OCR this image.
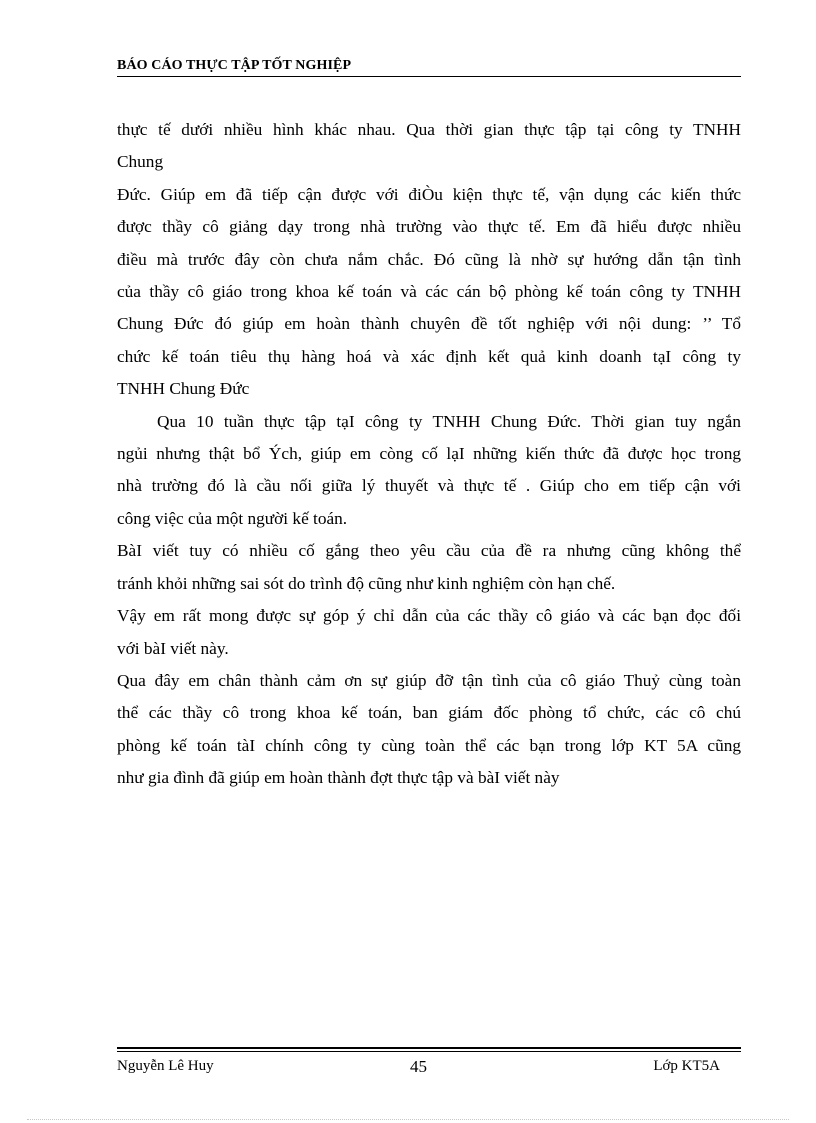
BÁO CÁO THỰC TẬP TỐT NGHIỆP
thực tế dưới nhiều hình khác nhau. Qua thời gian thực tập tại công ty TNHH
Chung
Đức. Giúp em đã tiếp cận được với điÒu kiện thực tế, vận dụng các kiến thức
được thầy cô giảng dạy trong nhà trường vào thực tế. Em đã hiểu được nhiều
điều mà trước đây còn chưa nắm chắc. Đó cũng là nhờ sự hướng dẫn tận tình
của thầy cô giáo trong khoa kế toán và các cán bộ phòng kế toán công ty TNHH
Chung Đức đó giúp em hoàn thành chuyên đề tốt nghiệp với nội dung: ’’ Tổ
chức kế toán tiêu thụ hàng hoá và xác định kết quả kinh doanh tạI công ty
TNHH Chung Đức
Qua 10 tuần thực tập tạI công ty TNHH Chung Đức. Thời gian tuy ngắn
ngủi nhưng thật bổ Ých, giúp em còng cố lạI những kiến thức đã được học trong
nhà trường đó là cầu nối giữa lý thuyết và thực tế . Giúp cho em tiếp cận với
công việc của một người kế toán.
BàI viết tuy có nhiều cố gắng theo yêu cầu của đề ra nhưng cũng không thể
tránh khỏi những sai sót do trình độ cũng như kinh nghiệm còn hạn chế.
Vậy em rất mong được sự góp ý chỉ dẫn của các thầy cô giáo và các bạn đọc đối
với bàI viết này.
Qua đây em chân thành cảm ơn sự giúp đỡ tận tình của cô giáo Thuỷ cùng toàn
thể các thầy cô trong khoa kế toán, ban giám đốc phòng tổ chức, các cô chú
phòng kế toán tàI chính công ty cùng toàn thể các bạn trong lớp KT 5A cũng
như gia đình đã giúp em hoàn thành đợt thực tập và bàI viết này
Nguyễn Lê Huy	45	Lớp KT5A
